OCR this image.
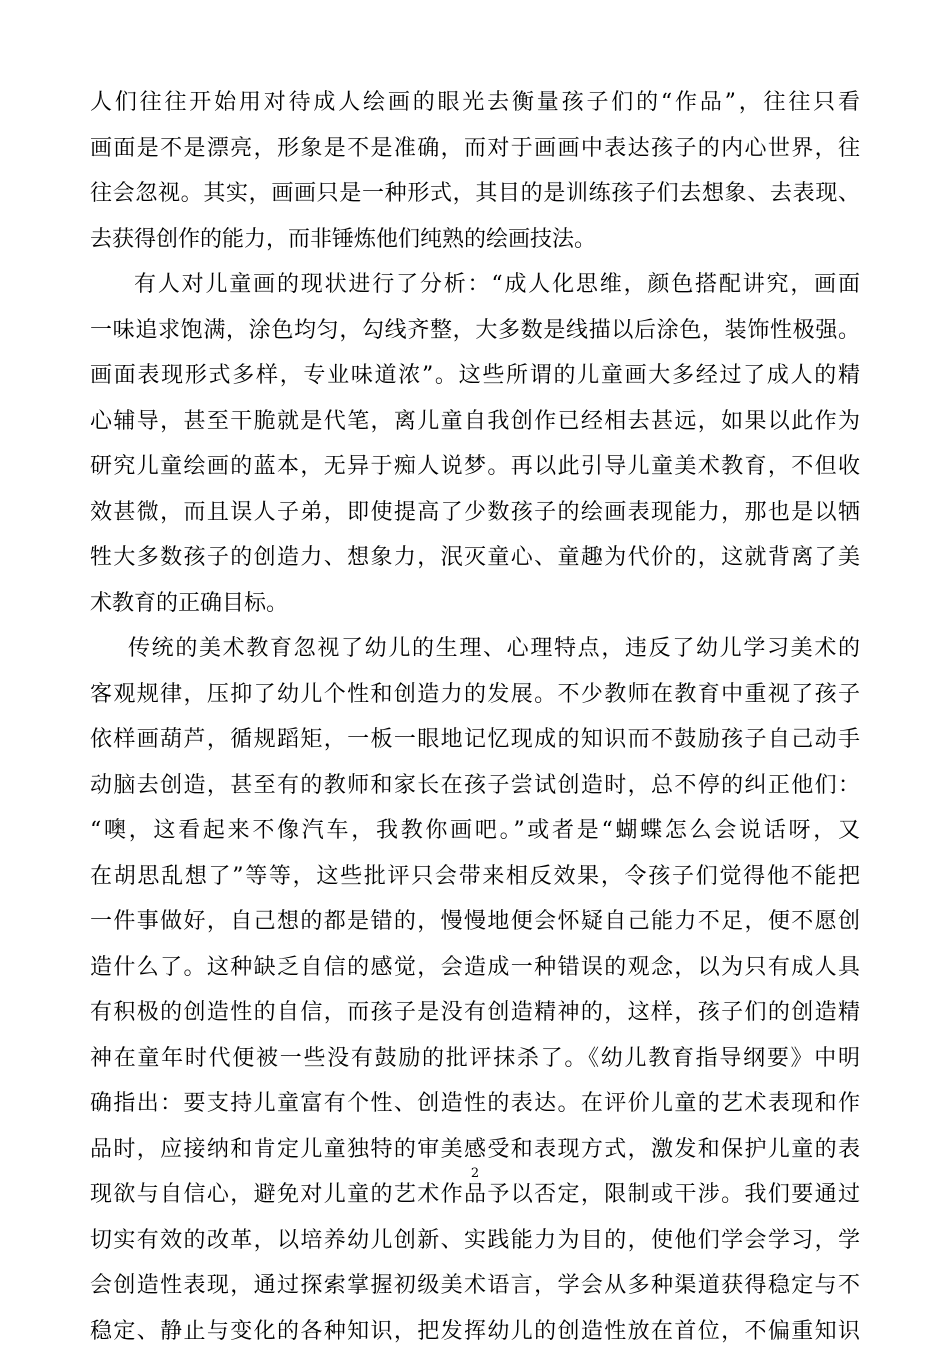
人们往往开始用对待成人绘画的眼光去衡量孩子们的“作品”，往往只看
画面是不是漂亮，形象是不是准确，而对于画画中表达孩子的内心世界，往
往会忽视。其实，画画只是一种形式，其目的是训练孩子们去想象、去表现、
去获得创作的能力，而非锤炼他们纯熟的绘画技法。
有人对儿童画的现状进行了分析：“成人化思维，颜色搭配讲究，画面
一味追求饱满，涂色均匀，勾线齐整，大多数是线描以后涂色，装饰性极强。
画面表现形式多样，专业味道浓”。这些所谓的儿童画大多经过了成人的精
心辅导，甚至干脆就是代笔，离儿童自我创作已经相去甚远，如果以此作为
研究儿童绘画的蓝本，无异于痴人说梦。再以此引导儿童美术教育，不但收
效甚微，而且误人子弟，即使提高了少数孩子的绘画表现能力，那也是以牺
牲大多数孩子的创造力、想象力，泯灭童心、童趣为代价的，这就背离了美
术教育的正确目标。
传统的美术教育忽视了幼儿的生理、心理特点，违反了幼儿学习美术的
客观规律，压抑了幼儿个性和创造力的发展。不少教师在教育中重视了孩子
依样画葫芦，循规蹈矩，一板一眼地记忆现成的知识而不鼓励孩子自己动手
动脑去创造，甚至有的教师和家长在孩子尝试创造时，总不停的纠正他们：
“噢，这看起来不像汽车，我教你画吧。”或者是“蝴蝶怎么会说话呀，又
在胡思乱想了”等等，这些批评只会带来相反效果，令孩子们觉得他不能把
一件事做好，自己想的都是错的，慢慢地便会怀疑自己能力不足，便不愿创
造什么了。这种缺乏自信的感觉，会造成一种错误的观念，以为只有成人具
有积极的创造性的自信，而孩子是没有创造精神的，这样，孩子们的创造精
神在童年时代便被一些没有鼓励的批评抹杀了。《幼儿教育指导纲要》中明
确指出：要支持儿童富有个性、创造性的表达。在评价儿童的艺术表现和作
品时，应接纳和肯定儿童独特的审美感受和表现方式，激发和保护儿童的表
现欲与自信心，避免对儿童的艺术作品予以否定，限制或干涉。我们要通过
切实有效的改革，以培养幼儿创新、实践能力为目的，使他们学会学习，学
会创造性表现，通过探索掌握初级美术语言，学会从多种渠道获得稳定与不
稳定、静止与变化的各种知识，把发挥幼儿的创造性放在首位，不偏重知识
2
